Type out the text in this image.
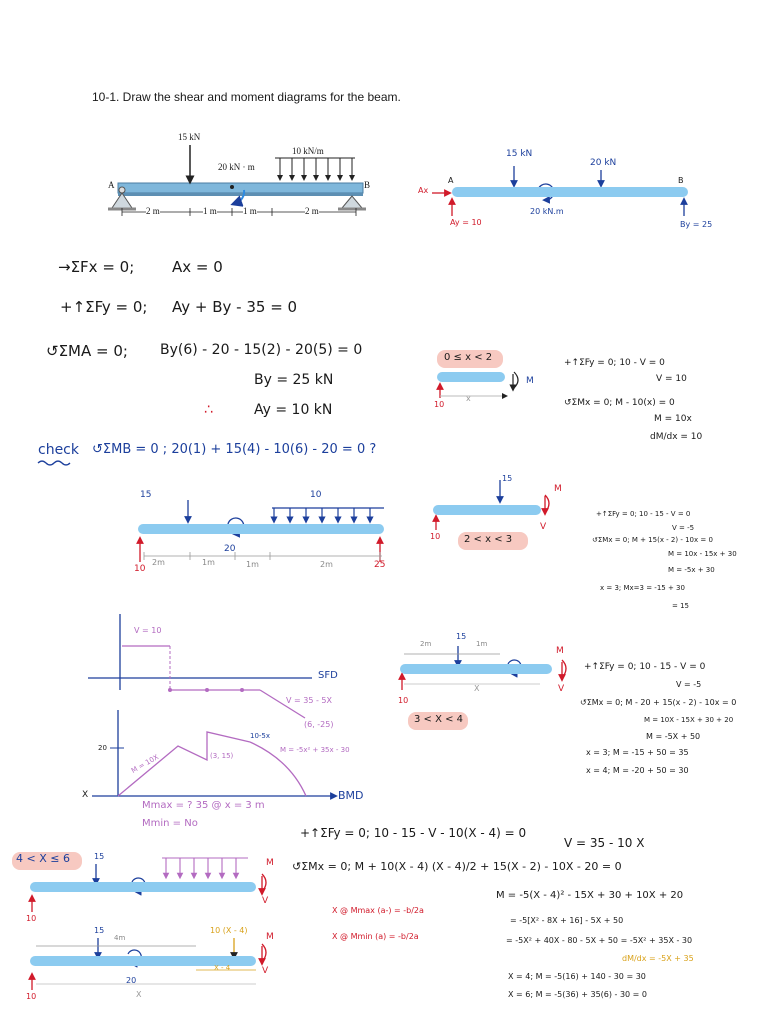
10-1. Draw the shear and moment diagrams for the beam.
15 kN
10 kN/m
20 kN · m
A	B
2 m	1 m	1 m	2 m
15 kN
20 kN
20 kN.m
Ax
Ay = 10	By = 25
A	B
→ΣFx = 0;	Ax = 0
+↑ΣFy = 0; Ay + By - 35 = 0
↺ΣMA = 0; By(6) - 20 - 15(2) - 20(5) = 0
By = 25 kN
∴	Ay = 10 kN
check ↺ΣMB = 0 ; 20(1) + 15(4) - 10(6) - 20 = 0 ?
0 ≤ x < 2
M
10
x
+↑ΣFy = 0; 10 - V = 0
V = 10
↺ΣMx = 0; M - 10(x) = 0
M = 10x
dM/dx = 10
15	10
20
10	25
2m	1m	1m	2m
15
M
V
10 2 < x < 3
+↑ΣFy = 0; 10 - 15 - V = 0
V = -5
↺ΣMx = 0; M + 15(x - 2) - 10x = 0
M = 10x - 15x + 30
M = -5x + 30
x = 3; Mx=3 = -15 + 30
= 15
V = 10
SFD
V = 35 - 5X
(6, -25)
20
M = 10X	(3, 15)
10-5x
M = -5x² + 35x - 30
X	BMD
Mmax = ? 35 @ x = 3 m
Mmin = No
2m	1m
15
M
V
10
X
3 < X < 4
+↑ΣFy = 0; 10 - 15 - V = 0
V = -5
↺ΣMx = 0; M - 20 + 15(x - 2) - 10x = 0
M = 10X - 15X + 30 + 20
M = -5X + 50
x = 3; M = -15 + 50 = 35
x = 4; M = -20 + 50 = 30
4 < X ≤ 6	15
M
V
10
15
4m
10 (X - 4)
X - 4
M
V
20
10	X
+↑ΣFy = 0; 10 - 15 - V - 10(X - 4) = 0
V = 35 - 10 X
↺ΣMx = 0; M + 10(X - 4) (X - 4)/2 + 15(X - 2) - 10X - 20 = 0
M = -5(X - 4)² - 15X + 30 + 10X + 20
X @ Mmax (a-) = -b/2a
= -5[X² - 8X + 16] - 5X + 50
X @ Mmin (a) = -b/2a	= -5X² + 40X - 80 - 5X + 50 = -5X² + 35X - 30
dM/dx = -5X + 35
X = 4; M = -5(16) + 140 - 30 = 30
X = 6; M = -5(36) + 35(6) - 30 = 0
